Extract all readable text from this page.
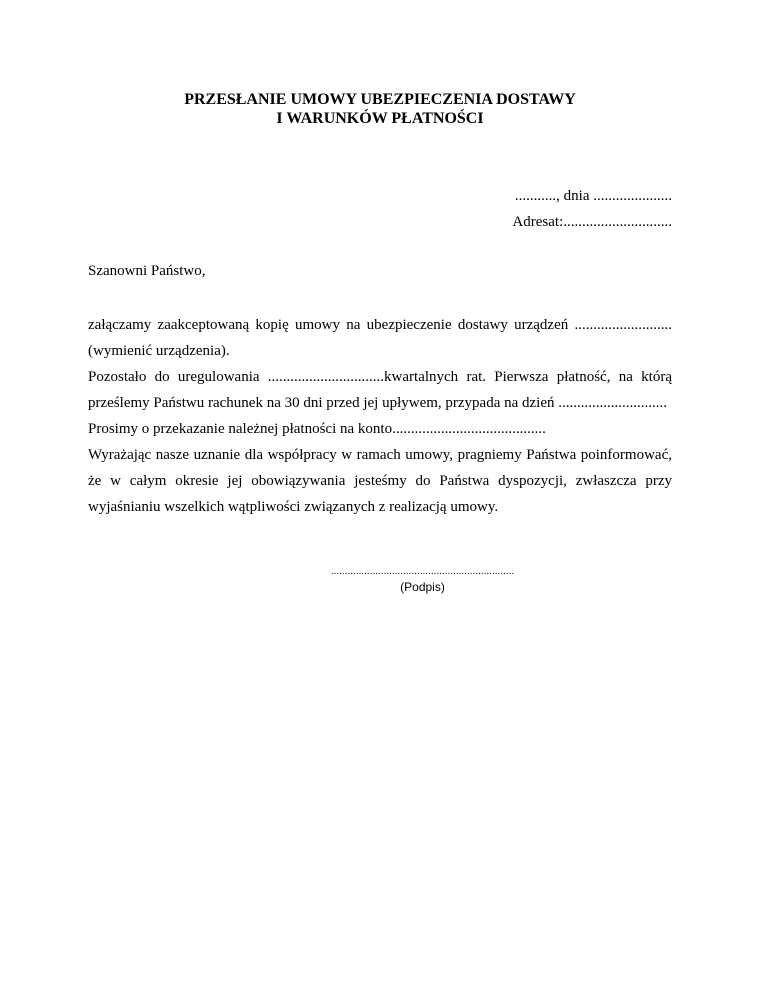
PRZESŁANIE UMOWY UBEZPIECZENIA DOSTAWY
I WARUNKÓW PŁATNOŚCI
..........., dnia .....................
Adresat:.............................
Szanowni Państwo,

załączamy zaakceptowaną kopię umowy na ubezpieczenie dostawy urządzeń .......................... (wymienić urządzenia).

Pozostało do uregulowania ...............................kwartalnych rat. Pierwsza płatność, na którą prześlemy Państwu rachunek na 30 dni przed jej upływem, przypada na dzień .............................

Prosimy o przekazanie należnej płatności na konto.........................................

Wyrażając nasze uznanie dla współpracy w ramach umowy, pragniemy Państwa poinformować, że w całym okresie jej obowiązywania jesteśmy do Państwa dyspozycji, zwłaszcza przy wyjaśnianiu wszelkich wątpliwości związanych z realizacją umowy.

..................................................................
(Podpis)
